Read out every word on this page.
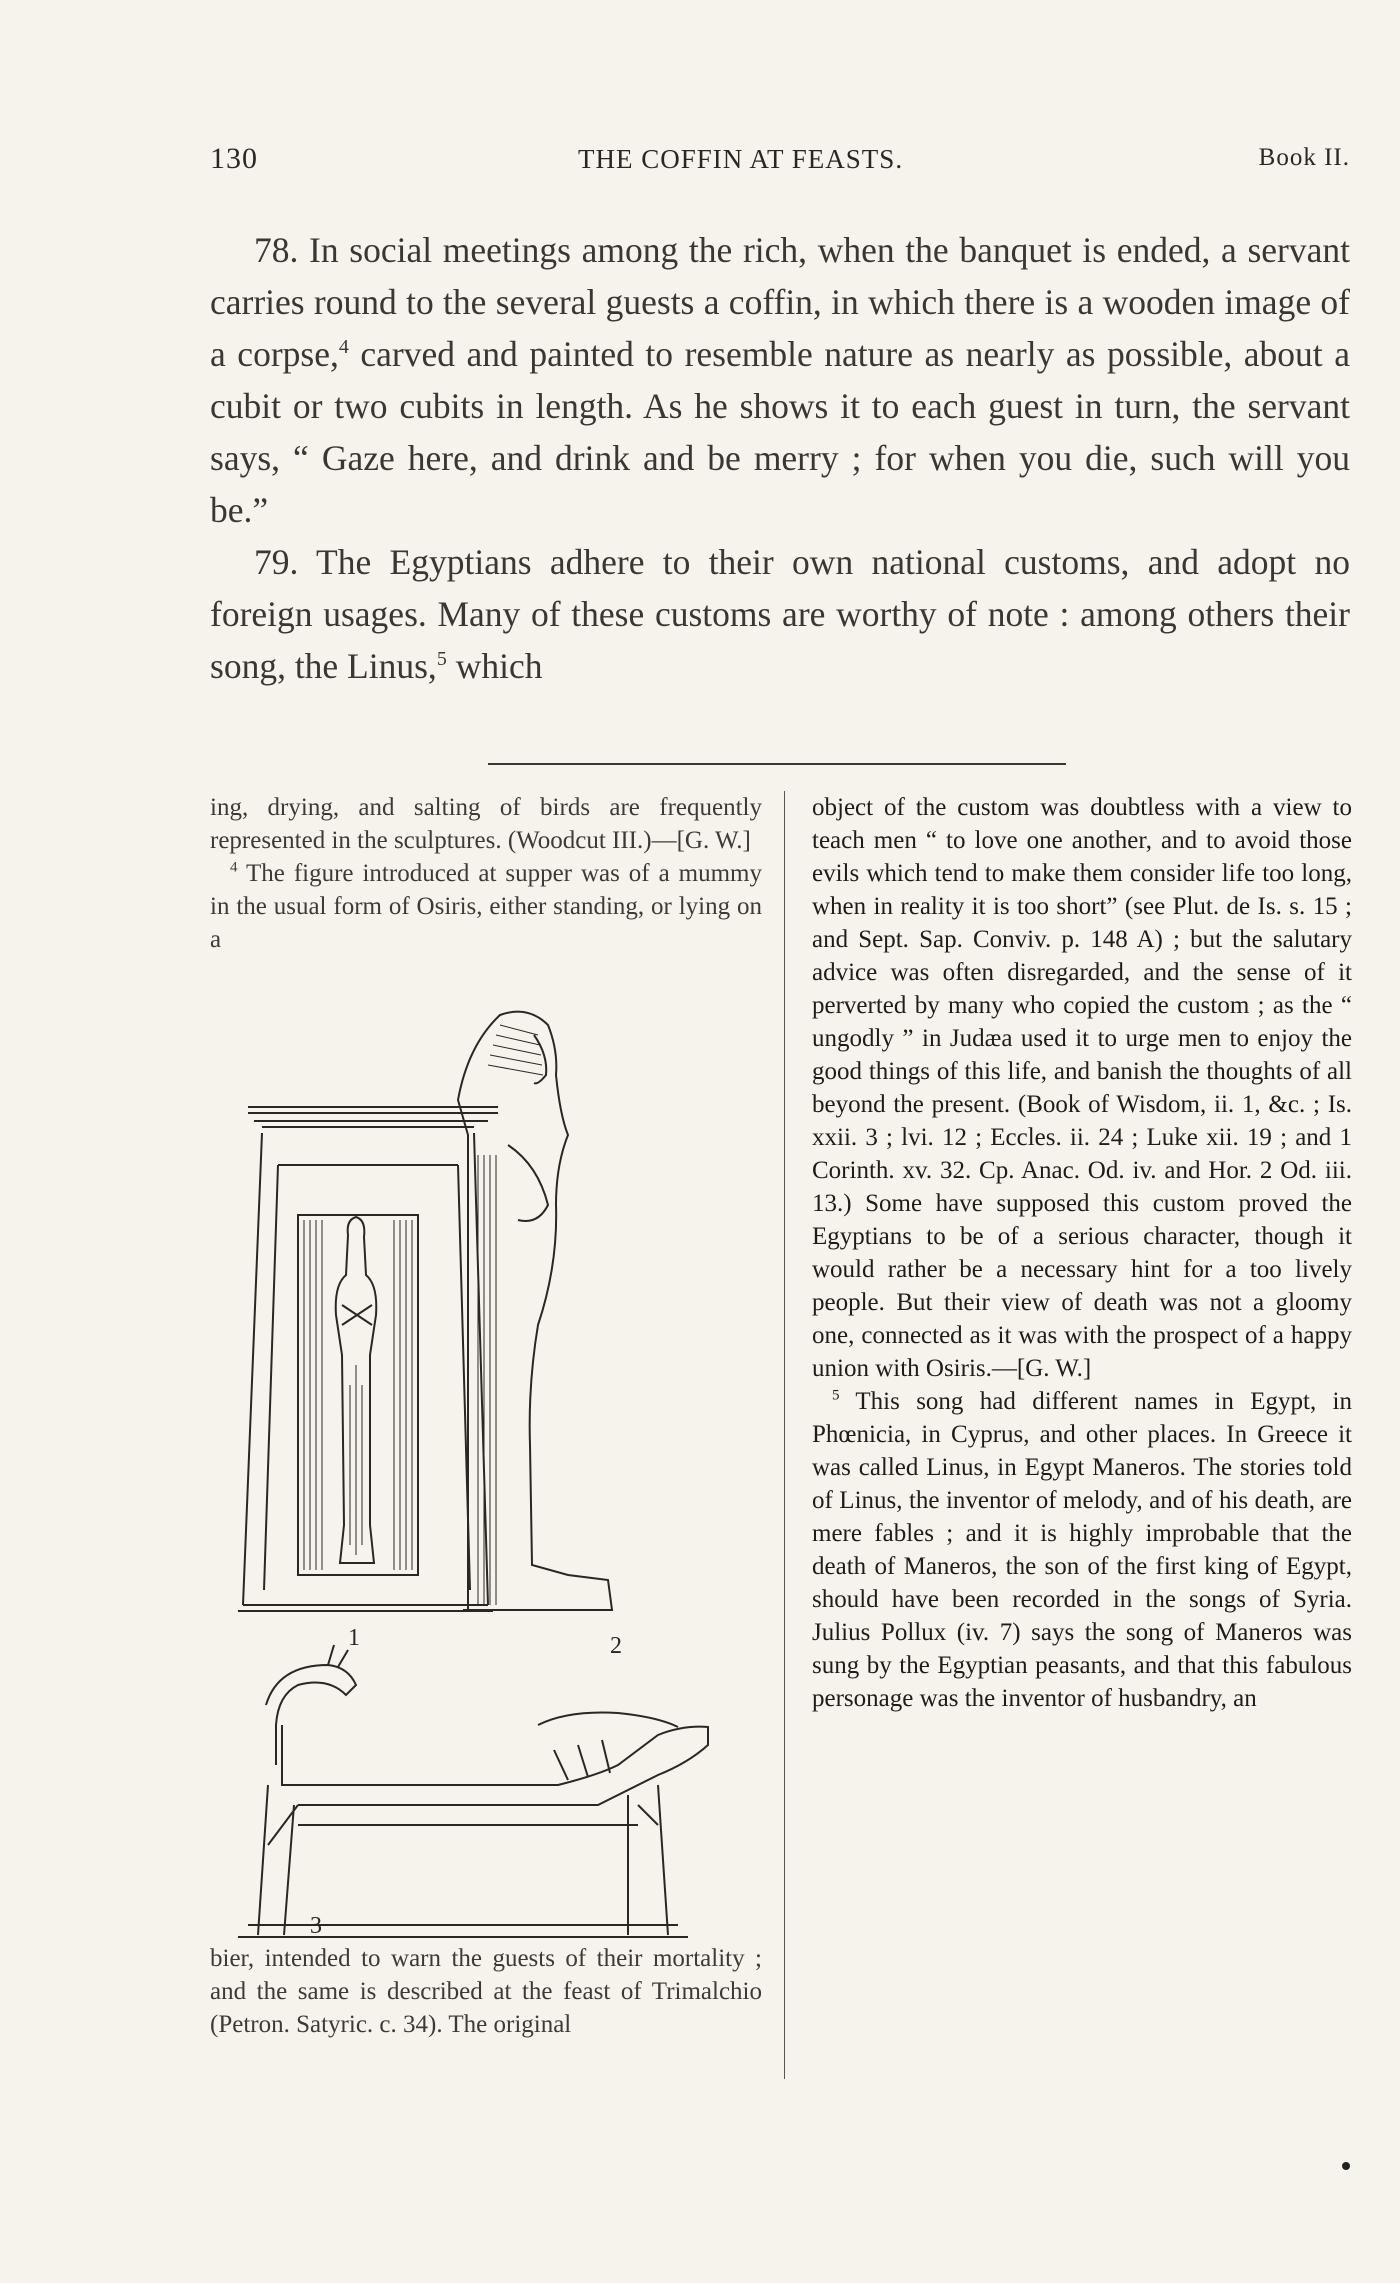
130	THE COFFIN AT FEASTS.	Book II.

78. In social meetings among the rich, when the banquet is ended, a servant carries round to the several guests a coffin, in which there is a wooden image of a corpse,$^4$ carved and painted to resemble nature as nearly as possible, about a cubit or two cubits in length. As he shows it to each guest in turn, the servant says, “ Gaze here, and drink and be merry ; for when you die, such will you be.”

79. The Egyptians adhere to their own national customs, and adopt no foreign usages. Many of these customs are worthy of note : among others their song, the Linus,$^5$ which

ing, drying, and salting of birds are frequently represented in the sculptures. (Woodcut III.)—[G. W.]

$^4$ The figure introduced at supper was of a mummy in the usual form of Osiris, either standing, or lying on a

1	2
3

bier, intended to warn the guests of their mortality ; and the same is described at the feast of Trimalchio (Petron. Satyric. c. 34). The original

object of the custom was doubtless with a view to teach men “ to love one another, and to avoid those evils which tend to make them consider life too long, when in reality it is too short” (see Plut. de Is. s. 15 ; and Sept. Sap. Conviv. p. 148 A) ; but the salutary advice was often disregarded, and the sense of it perverted by many who copied the custom ; as the “ ungodly ” in Judæa used it to urge men to enjoy the good things of this life, and banish the thoughts of all beyond the present. (Book of Wisdom, ii. 1, &c. ; Is. xxii. 3 ; lvi. 12 ; Eccles. ii. 24 ; Luke xii. 19 ; and 1 Corinth. xv. 32. Cp. Anac. Od. iv. and Hor. 2 Od. iii. 13.) Some have supposed this custom proved the Egyptians to be of a serious character, though it would rather be a necessary hint for a too lively people. But their view of death was not a gloomy one, connected as it was with the prospect of a happy union with Osiris.—[G. W.]

$^5$ This song had different names in Egypt, in Phœnicia, in Cyprus, and other places. In Greece it was called Linus, in Egypt Maneros. The stories told of Linus, the inventor of melody, and of his death, are mere fables ; and it is highly improbable that the death of Maneros, the son of the first king of Egypt, should have been recorded in the songs of Syria. Julius Pollux (iv. 7) says the song of Maneros was sung by the Egyptian peasants, and that this fabulous personage was the inventor of husbandry, an
